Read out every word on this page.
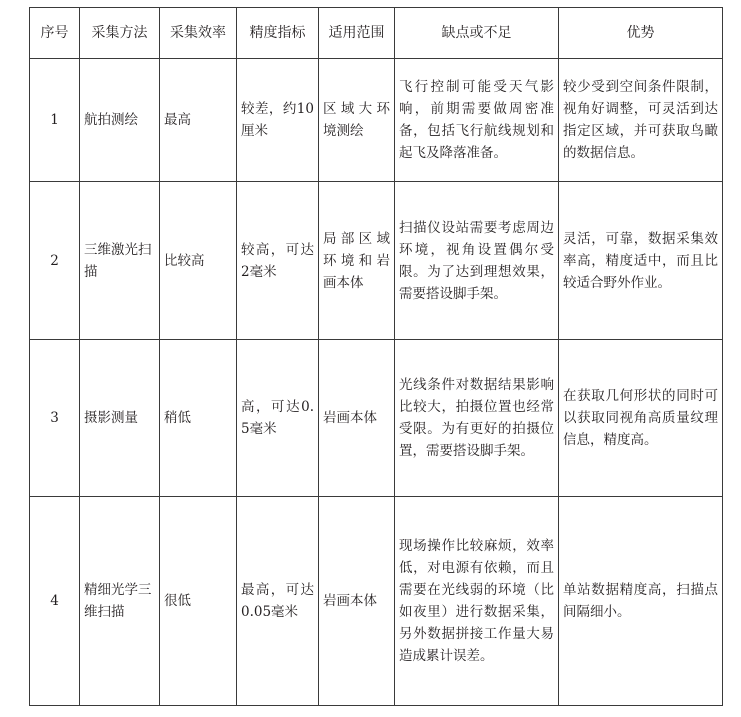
序号	采集方法	采集效率	精度指标	适用范围	缺点或不足	优势
1	航拍测绘	最高	较差，约10厘米	区域大环境测绘	飞行控制可能受天气影响，前期需要做周密准备，包括飞行航线规划和起飞及降落准备。	较少受到空间条件限制，视角好调整，可灵活到达指定区域，并可获取鸟瞰的数据信息。
2	三维激光扫描	比较高	较高，可达2毫米	局部区域环境和岩画本体	扫描仪设站需要考虑周边环境，视角设置偶尔受限。为了达到理想效果，需要搭设脚手架。	灵活，可靠，数据采集效率高，精度适中，而且比较适合野外作业。
3	摄影测量	稍低	高，可达0.5毫米	岩画本体	光线条件对数据结果影响比较大，拍摄位置也经常受限。为有更好的拍摄位置，需要搭设脚手架。	在获取几何形状的同时可以获取同视角高质量纹理信息，精度高。
4	精细光学三维扫描	很低	最高，可达0.05毫米	岩画本体	现场操作比较麻烦，效率低，对电源有依赖，而且需要在光线弱的环境（比如夜里）进行数据采集，另外数据拼接工作量大易造成累计误差。	单站数据精度高，扫描点间隔细小。
